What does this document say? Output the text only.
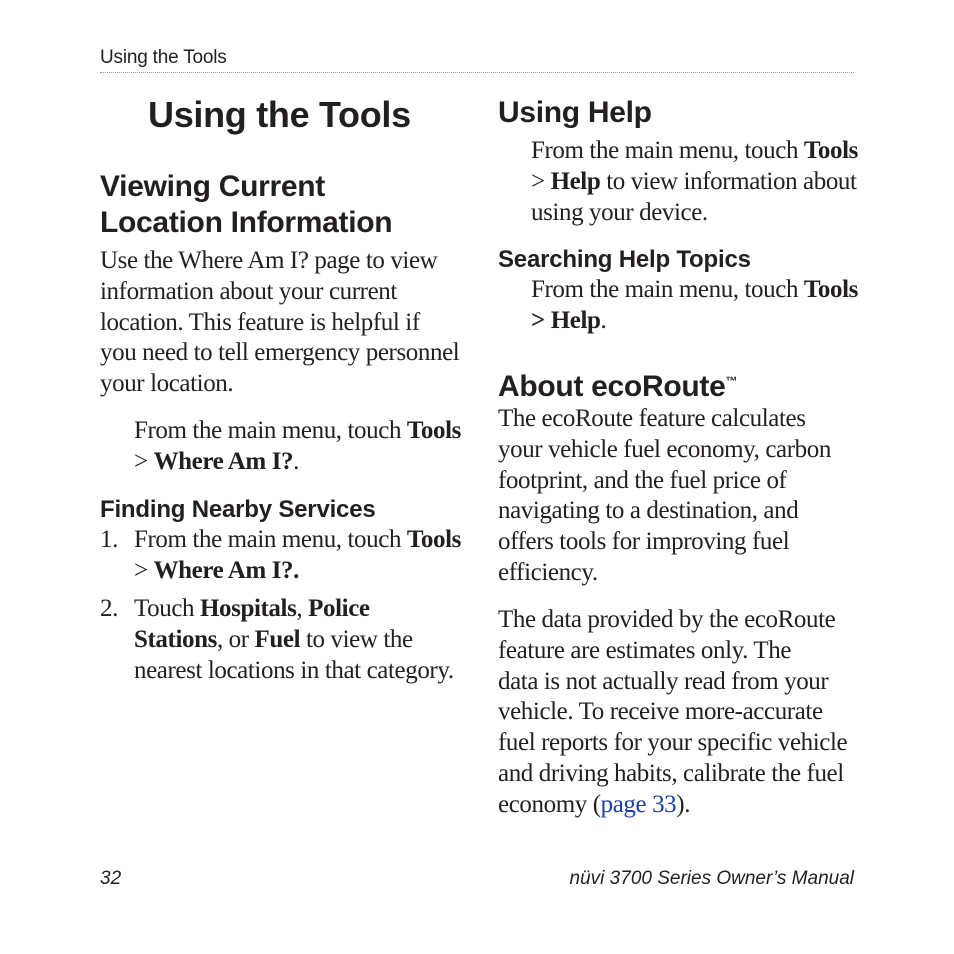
Using the Tools
Using the Tools
Viewing Current
Location Information
Use the Where Am I? page to view
information about your current
location. This feature is helpful if
you need to tell emergency personnel
your location.
From the main menu, touch Tools
> Where Am I?.
Finding Nearby Services
1. From the main menu, touch Tools
> Where Am I?.
2. Touch Hospitals, Police
Stations, or Fuel to view the
nearest locations in that category.
Using Help
From the main menu, touch Tools
> Help to view information about
using your device.
Searching Help Topics
From the main menu, touch Tools
> Help.
About ecoRoute™
The ecoRoute feature calculates
your vehicle fuel economy, carbon
footprint, and the fuel price of
navigating to a destination, and
offers tools for improving fuel
efficiency.
The data provided by the ecoRoute
feature are estimates only. The
data is not actually read from your
vehicle. To receive more-accurate
fuel reports for your specific vehicle
and driving habits, calibrate the fuel
economy (page 33).
32	nüvi 3700 Series Owner’s Manual
